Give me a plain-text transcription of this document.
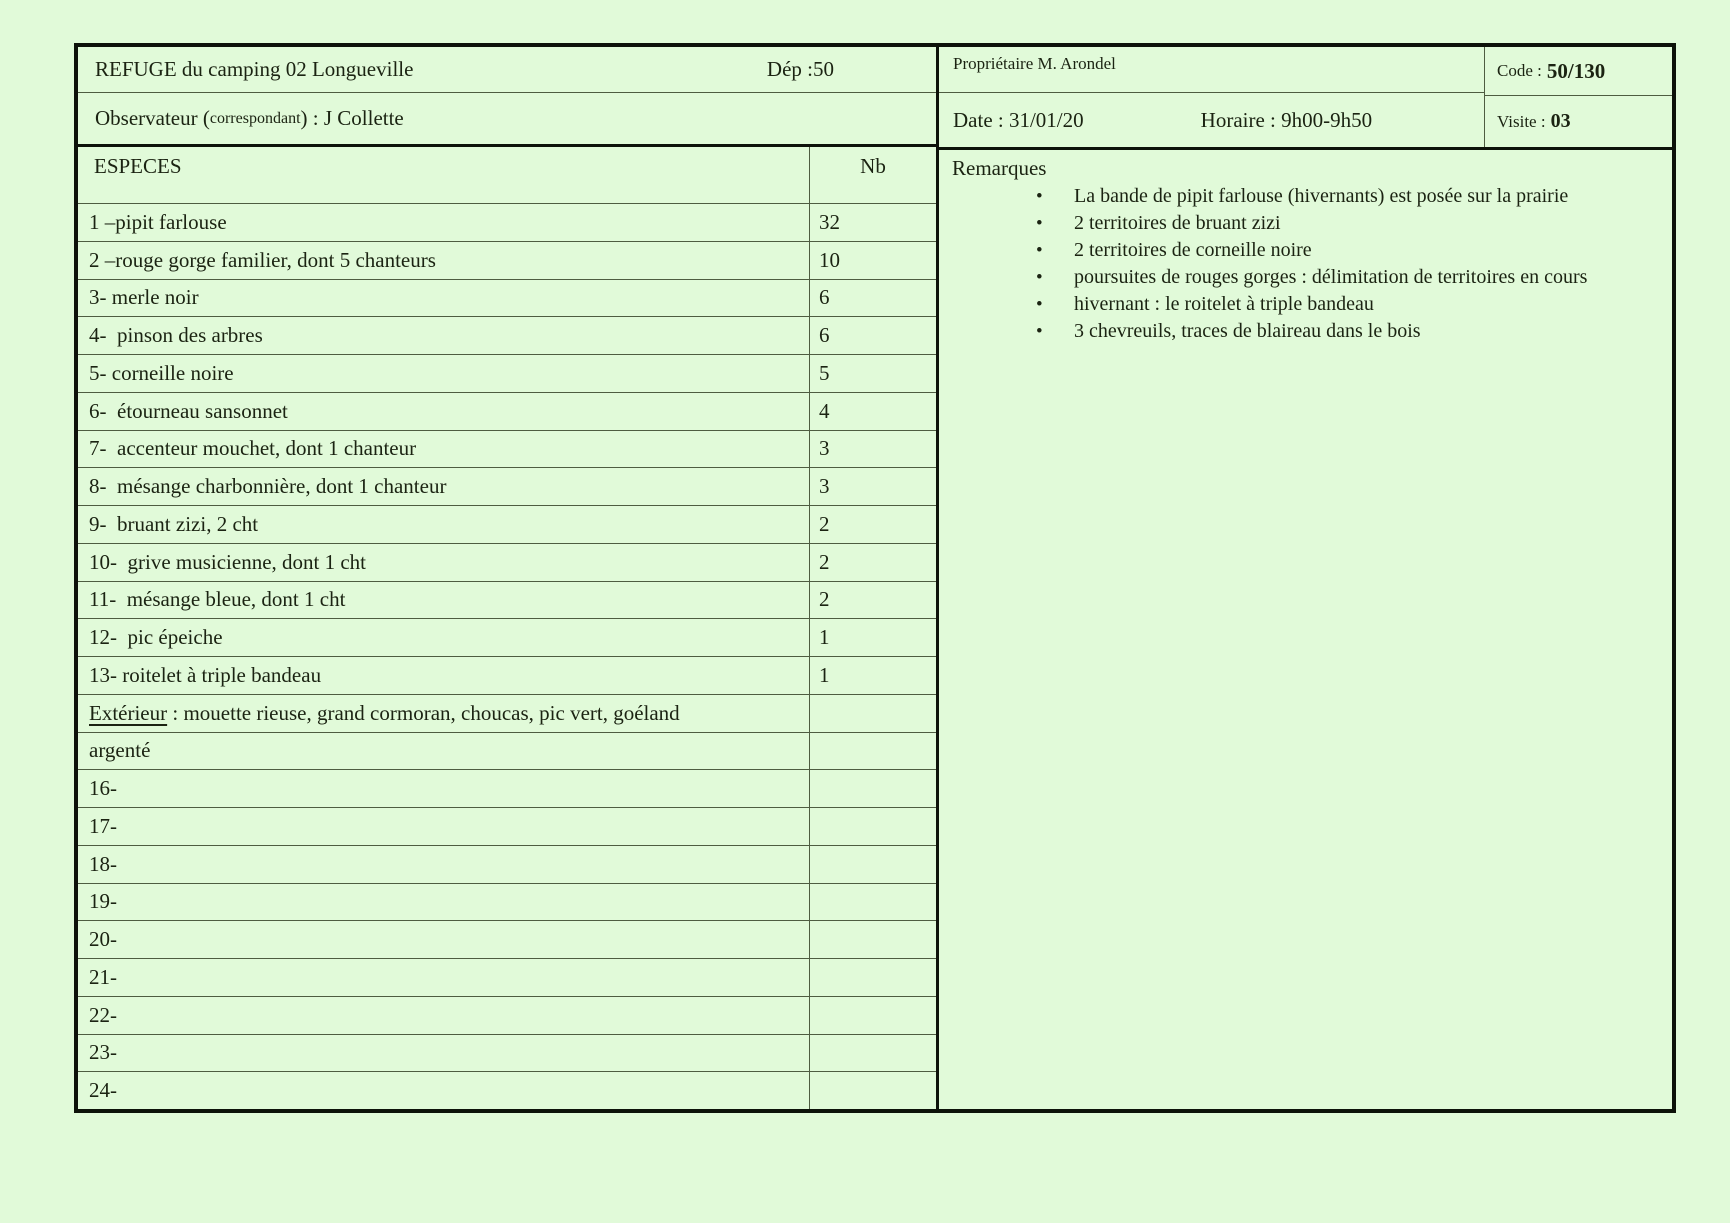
REFUGE du camping 02 Longueville	Dép :50
Observateur ( correspondant ) : J Collette
ESPECES	Nb
1 –pipit farlouse	32
2 –rouge gorge familier, dont 5 chanteurs	10
3- merle noir	6
4-  pinson des arbres	6
5- corneille noire	5
6-  étourneau sansonnet	4
7-  accenteur mouchet, dont 1 chanteur	3
8-  mésange charbonnière, dont 1 chanteur	3
9-  bruant zizi, 2 cht	2
10-  grive musicienne, dont 1 cht	2
11-  mésange bleue, dont 1 cht	2
12-  pic épeiche	1
13- roitelet à triple bandeau	1
Extérieur : mouette rieuse, grand cormoran, choucas, pic vert, goéland
argenté
16-
17-
18-
19-
20-
21-
22-
23-
24-
Propriétaire M. Arondel
Date : 31/01/20	Horaire : 9h00-9h50
Code : 50/130
Visite : 03
Remarques
• La bande de pipit farlouse (hivernants) est posée sur la prairie
• 2 territoires de bruant zizi
• 2 territoires de corneille noire
• poursuites de rouges gorges : délimitation de territoires en cours
• hivernant : le roitelet à triple bandeau
• 3 chevreuils, traces de blaireau dans le bois
